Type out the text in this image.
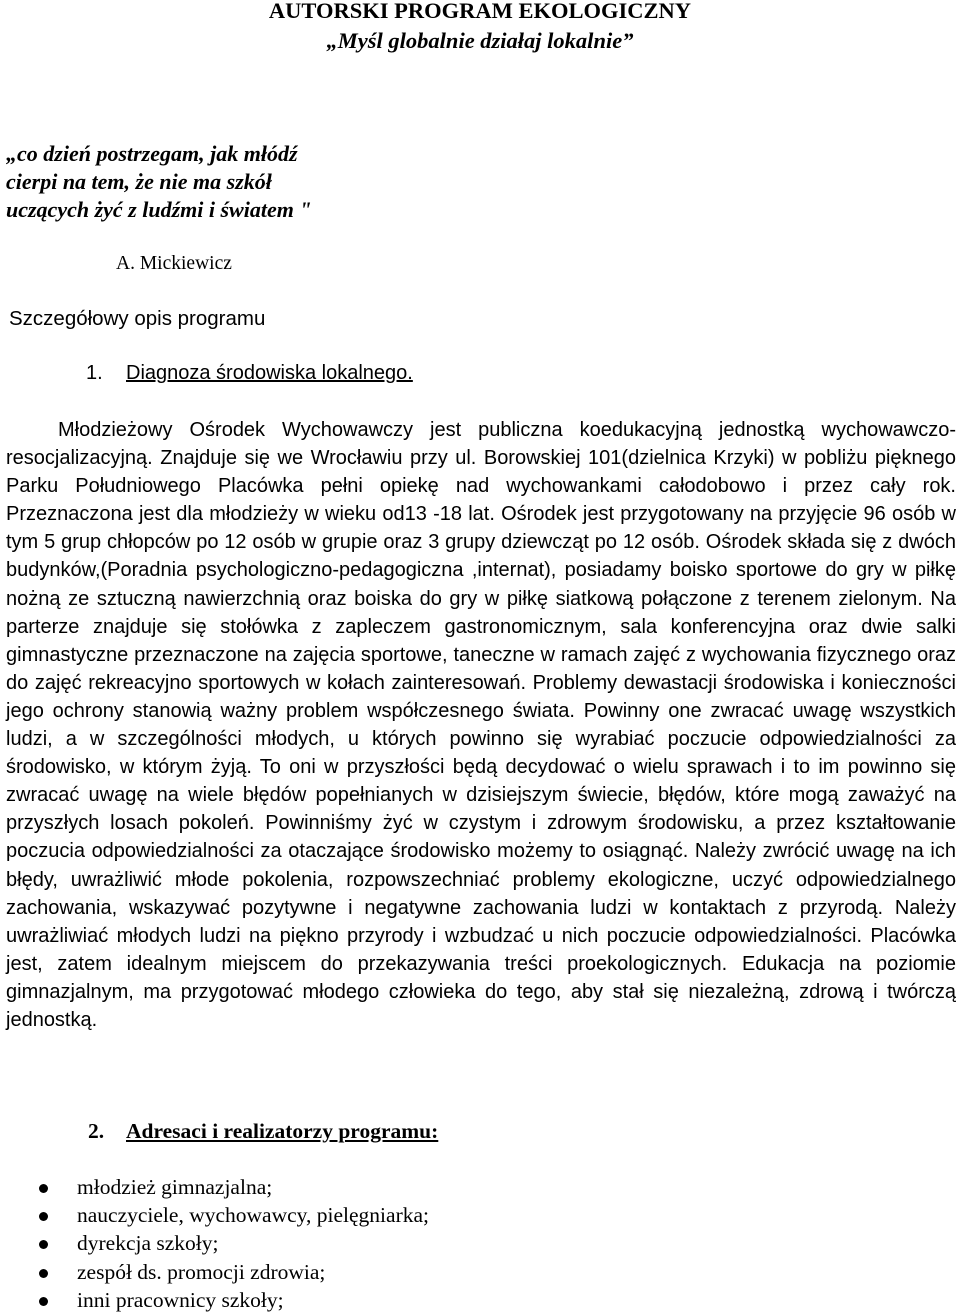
AUTORSKI PROGRAM EKOLOGICZNY
„Myśl globalnie działaj lokalnie”
„co dzień postrzegam, jak młódź
cierpi na tem, że nie ma szkół
uczących żyć z ludźmi i światem "
A. Mickiewicz
Szczegółowy opis programu
1. Diagnoza środowiska lokalnego.
Młodzieżowy Ośrodek Wychowawczy jest publiczna koedukacyjną jednostką wychowawczo- resocjalizacyjną. Znajduje się we Wrocławiu przy ul. Borowskiej 101(dzielnica Krzyki) w pobliżu pięknego Parku Południowego Placówka pełni opiekę nad wychowankami całodobowo i przez cały rok. Przeznaczona jest dla młodzieży w wieku od13 -18 lat. Ośrodek jest przygotowany na przyjęcie 96 osób w tym 5 grup chłopców po 12 osób w grupie oraz 3 grupy dziewcząt po 12 osób. Ośrodek składa się z dwóch budynków,(Poradnia psychologiczno-pedagogiczna ,internat), posiadamy boisko sportowe do gry w piłkę nożną ze sztuczną nawierzchnią oraz boiska do gry w piłkę siatkową połączone z terenem zielonym. Na parterze znajduje się stołówka z zapleczem gastronomicznym, sala konferencyjna oraz dwie salki gimnastyczne przeznaczone na zajęcia sportowe, taneczne w ramach zajęć z wychowania fizycznego oraz do zajęć rekreacyjno sportowych w kołach zainteresowań. Problemy dewastacji środowiska i konieczności jego ochrony stanowią ważny problem współczesnego świata. Powinny one zwracać uwagę wszystkich ludzi, a w szczególności młodych, u których powinno się wyrabiać poczucie odpowiedzialności za środowisko, w którym żyją. To oni w przyszłości będą decydować o wielu sprawach i to im powinno się zwracać uwagę na wiele błędów popełnianych w dzisiejszym świecie, błędów, które mogą zaważyć na przyszłych losach pokoleń. Powinniśmy żyć w czystym i zdrowym środowisku, a przez kształtowanie poczucia odpowiedzialności za otaczające środowisko możemy to osiągnąć. Należy zwrócić uwagę na ich błędy, uwrażliwić młode pokolenia, rozpowszechniać problemy ekologiczne, uczyć odpowiedzialnego zachowania, wskazywać pozytywne i negatywne zachowania ludzi w kontaktach z przyrodą. Należy uwrażliwiać młodych ludzi na piękno przyrody i wzbudzać u nich poczucie odpowiedzialności. Placówka jest, zatem idealnym miejscem do przekazywania treści proekologicznych. Edukacja na poziomie gimnazjalnym, ma przygotować młodego człowieka do tego, aby stał się niezależną, zdrową i twórczą jednostką.
2. Adresaci i realizatorzy programu:
młodzież gimnazjalna;
nauczyciele, wychowawcy, pielęgniarka;
dyrekcja szkoły;
zespół ds. promocji zdrowia;
inni pracownicy szkoły;
